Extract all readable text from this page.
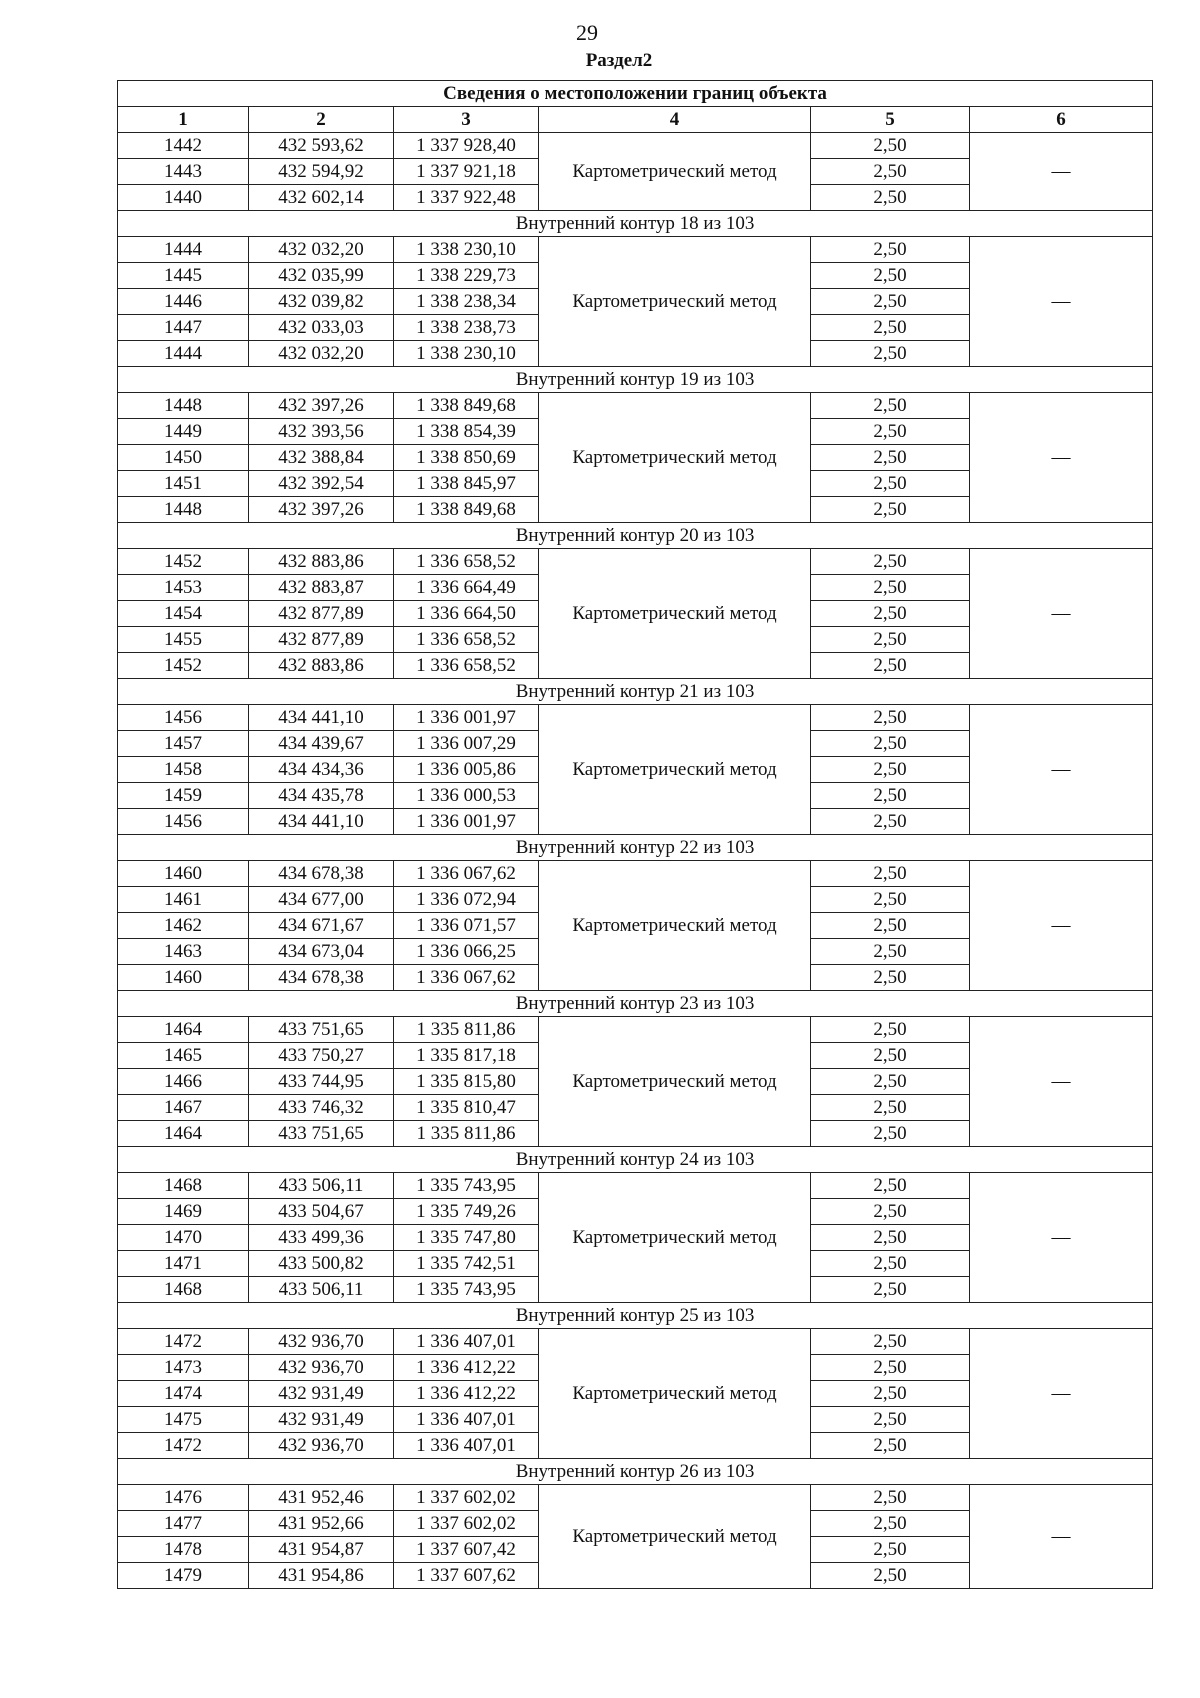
29
Раздел2
Сведения о местоположении границ объекта					
1	2	3	4	5	6
1442	432 593,62	1 337 928,40	Картометрический метод	2,50	—
1443	432 594,92	1 337 921,18		2,50	
1440	432 602,14	1 337 922,48		2,50	
Внутренний контур 18 из 103					
1444	432 032,20	1 338 230,10	Картометрический метод	2,50	—
1445	432 035,99	1 338 229,73		2,50	
1446	432 039,82	1 338 238,34		2,50	
1447	432 033,03	1 338 238,73		2,50	
1444	432 032,20	1 338 230,10		2,50	
Внутренний контур 19 из 103					
1448	432 397,26	1 338 849,68	Картометрический метод	2,50	—
1449	432 393,56	1 338 854,39		2,50	
1450	432 388,84	1 338 850,69		2,50	
1451	432 392,54	1 338 845,97		2,50	
1448	432 397,26	1 338 849,68		2,50	
Внутренний контур 20 из 103					
1452	432 883,86	1 336 658,52	Картометрический метод	2,50	—
1453	432 883,87	1 336 664,49		2,50	
1454	432 877,89	1 336 664,50		2,50	
1455	432 877,89	1 336 658,52		2,50	
1452	432 883,86	1 336 658,52		2,50	
Внутренний контур 21 из 103					
1456	434 441,10	1 336 001,97	Картометрический метод	2,50	—
1457	434 439,67	1 336 007,29		2,50	
1458	434 434,36	1 336 005,86		2,50	
1459	434 435,78	1 336 000,53		2,50	
1456	434 441,10	1 336 001,97		2,50	
Внутренний контур 22 из 103					
1460	434 678,38	1 336 067,62	Картометрический метод	2,50	—
1461	434 677,00	1 336 072,94		2,50	
1462	434 671,67	1 336 071,57		2,50	
1463	434 673,04	1 336 066,25		2,50	
1460	434 678,38	1 336 067,62		2,50	
Внутренний контур 23 из 103					
1464	433 751,65	1 335 811,86	Картометрический метод	2,50	—
1465	433 750,27	1 335 817,18		2,50	
1466	433 744,95	1 335 815,80		2,50	
1467	433 746,32	1 335 810,47		2,50	
1464	433 751,65	1 335 811,86		2,50	
Внутренний контур 24 из 103					
1468	433 506,11	1 335 743,95	Картометрический метод	2,50	—
1469	433 504,67	1 335 749,26		2,50	
1470	433 499,36	1 335 747,80		2,50	
1471	433 500,82	1 335 742,51		2,50	
1468	433 506,11	1 335 743,95		2,50	
Внутренний контур 25 из 103					
1472	432 936,70	1 336 407,01	Картометрический метод	2,50	—
1473	432 936,70	1 336 412,22		2,50	
1474	432 931,49	1 336 412,22		2,50	
1475	432 931,49	1 336 407,01		2,50	
1472	432 936,70	1 336 407,01		2,50	
Внутренний контур 26 из 103					
1476	431 952,46	1 337 602,02	Картометрический метод	2,50	—
1477	431 952,66	1 337 602,02		2,50	
1478	431 954,87	1 337 607,42		2,50	
1479	431 954,86	1 337 607,62		2,50	
